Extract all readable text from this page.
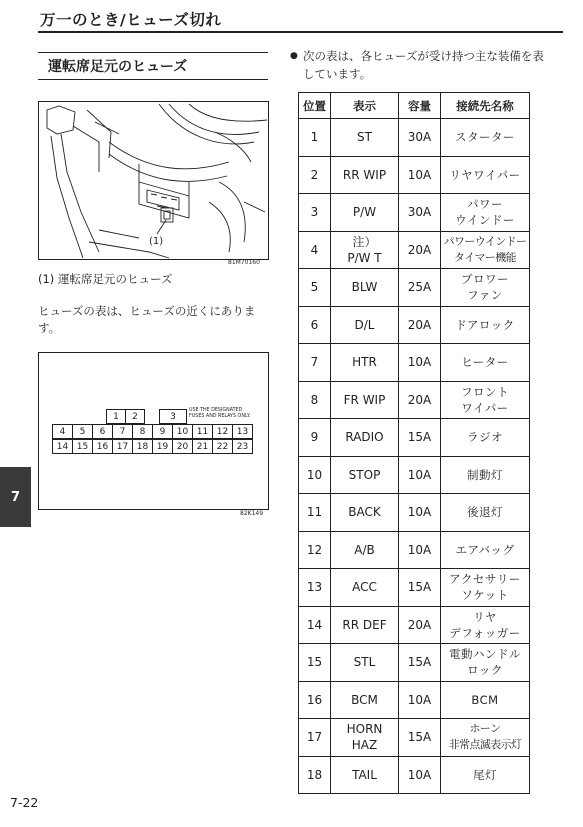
万一のとき/ヒューズ切れ
運転席足元のヒューズ
(1)
81M70160
(1) 運転席足元のヒューズ
ヒューズの表は、ヒューズの近くにあります。
USE THE DESIGNATED
FUSES AND RELAYS ONLY.
1	2	3
4	5	6	7	8	9	10 11 12 13
14 15 16 17 18 19 20 21 22 23
82K149
7
7-22
● 次の表は、各ヒューズが受け持つ主な装備を表しています。
位置	表示	容量	接続先名称
1	ST	30A	スターター

2	RR WIP	10A	リヤワイパー

3	P/W	30A	パワー
ウインドー

4	注）
P/W T	20A	パワーウインドー
タイマー機能

5	BLW	25A	ブロワー
ファン

6	D/L	20A	ドアロック

7	HTR	10A	ヒーター

8	FR WIP	20A	フロント
ワイパー

9	RADIO	15A	ラジオ

10	STOP	10A	制動灯

11	BACK	10A	後退灯

12	A/B	10A	エアバッグ

13	ACC	15A	アクセサリー
ソケット

14	RR DEF	20A	リヤ
デフォッガー

15	STL	15A	電動ハンドル
ロック

16	BCM	10A	BCM

17	HORN
HAZ	15A	ホーン
非常点滅表示灯

18	TAIL	10A	尾灯
